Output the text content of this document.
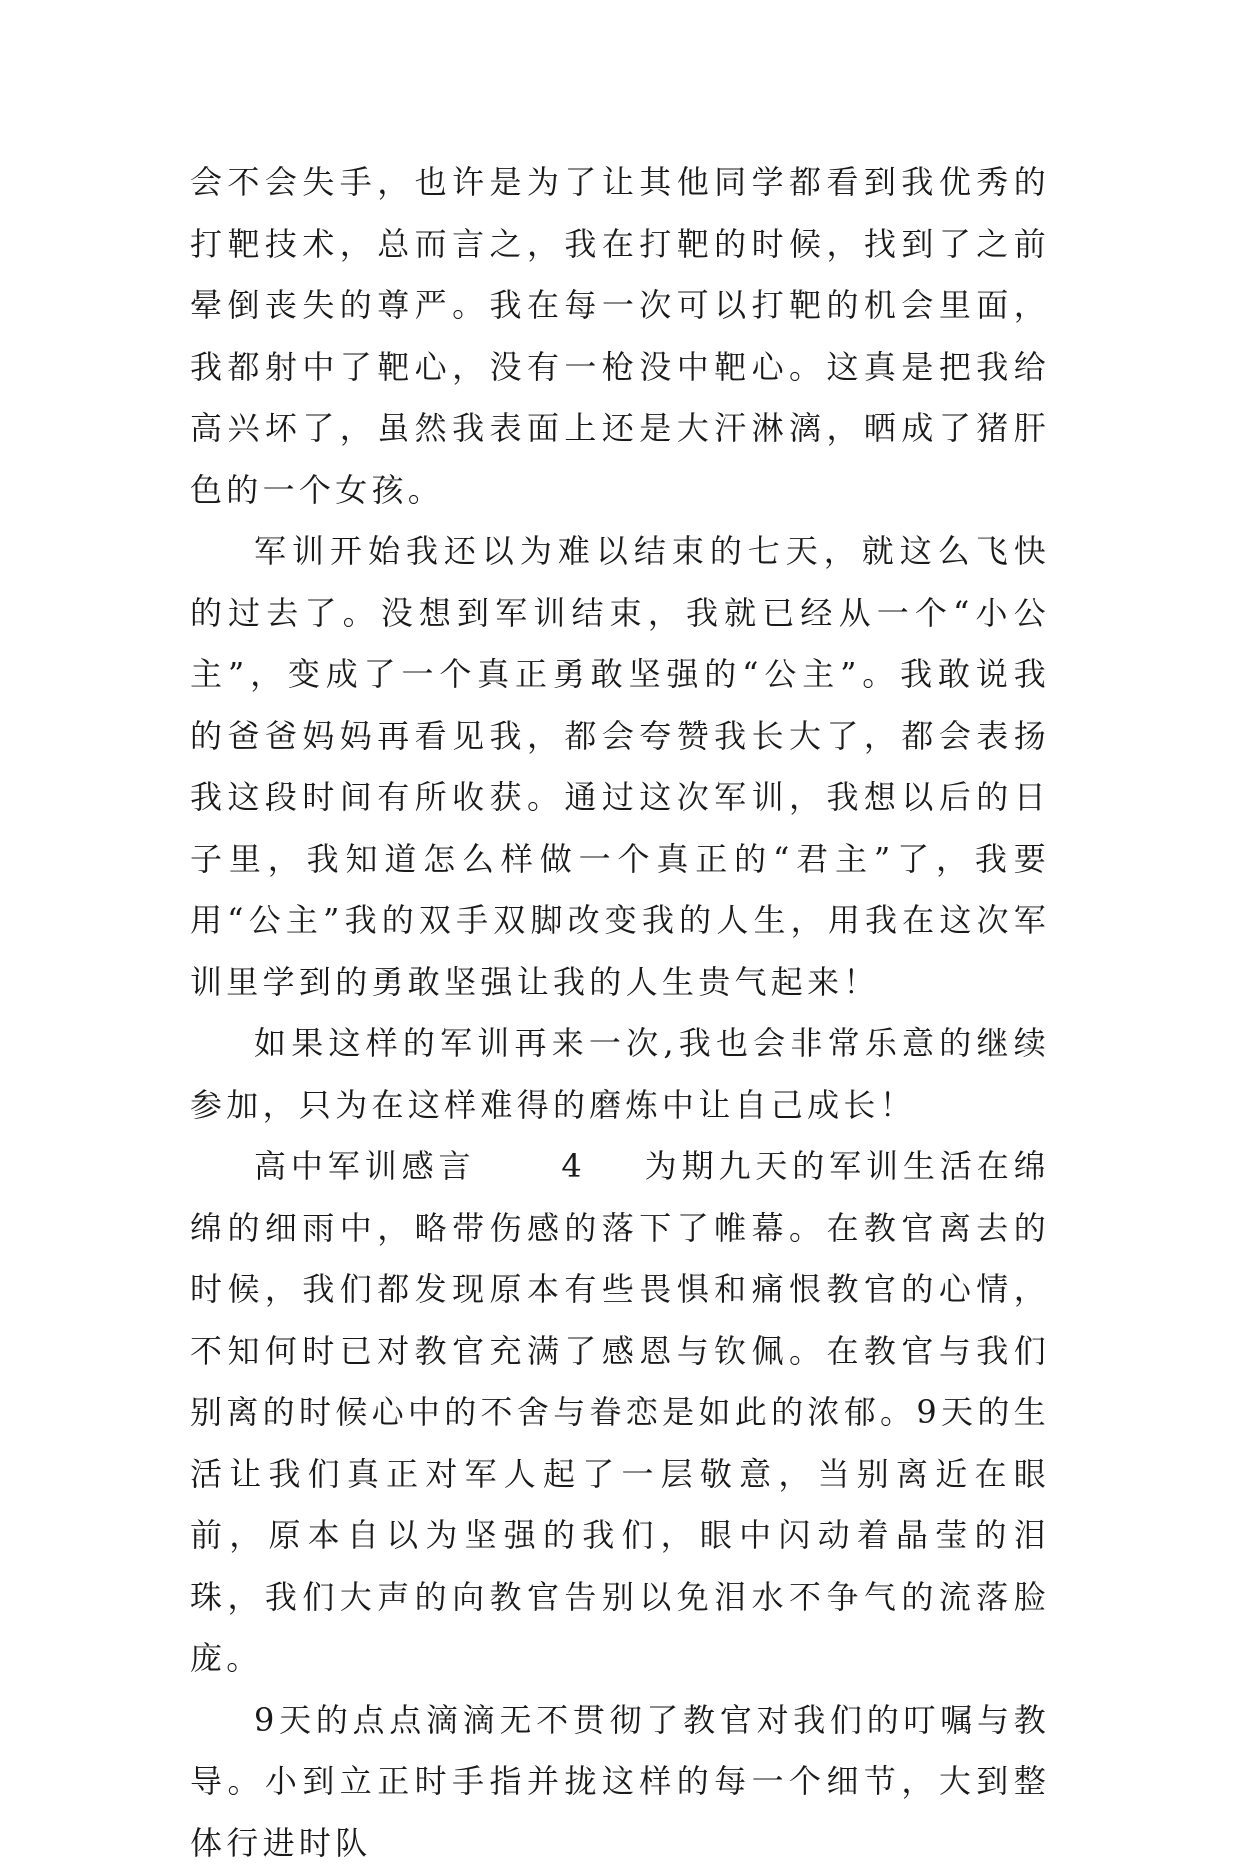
会不会失手，也许是为了让其他同学都看到我优秀的打靶技术，总而言之，我在打靶的时候，找到了之前晕倒丧失的尊严。我在每一次可以打靶的机会里面，我都射中了靶心，没有一枪没中靶心。这真是把我给高兴坏了，虽然我表面上还是大汗淋漓，晒成了猪肝色的一个女孩。

军训开始我还以为难以结束的七天，就这么飞快的过去了。没想到军训结束，我就已经从一个“小公主”，变成了一个真正勇敢坚强的“公主”。我敢说我的爸爸妈妈再看见我，都会夸赞我长大了，都会表扬我这段时间有所收获。通过这次军训，我想以后的日子里，我知道怎么样做一个真正的“君主”了，我要用“公主”我的双手双脚改变我的人生，用我在这次军训里学到的勇敢坚强让我的人生贵气起来！

如果这样的军训再来一次,我也会非常乐意的继续参加，只为在这样难得的磨炼中让自己成长！

高中军训感言	4 为期九天的军训生活在绵绵的细雨中，略带伤感的落下了帷幕。在教官离去的时候，我们都发现原本有些畏惧和痛恨教官的心情，不知何时已对教官充满了感恩与钦佩。在教官与我们别离的时候心中的不舍与眷恋是如此的浓郁。9天的生活让我们真正对军人起了一层敬意，当别离近在眼前，原本自以为坚强的我们，眼中闪动着晶莹的泪珠，我们大声的向教官告别以免泪水不争气的流落脸庞。

9天的点点滴滴无不贯彻了教官对我们的叮嘱与教导。小到立正时手指并拢这样的每一个细节，大到整体行进时队
